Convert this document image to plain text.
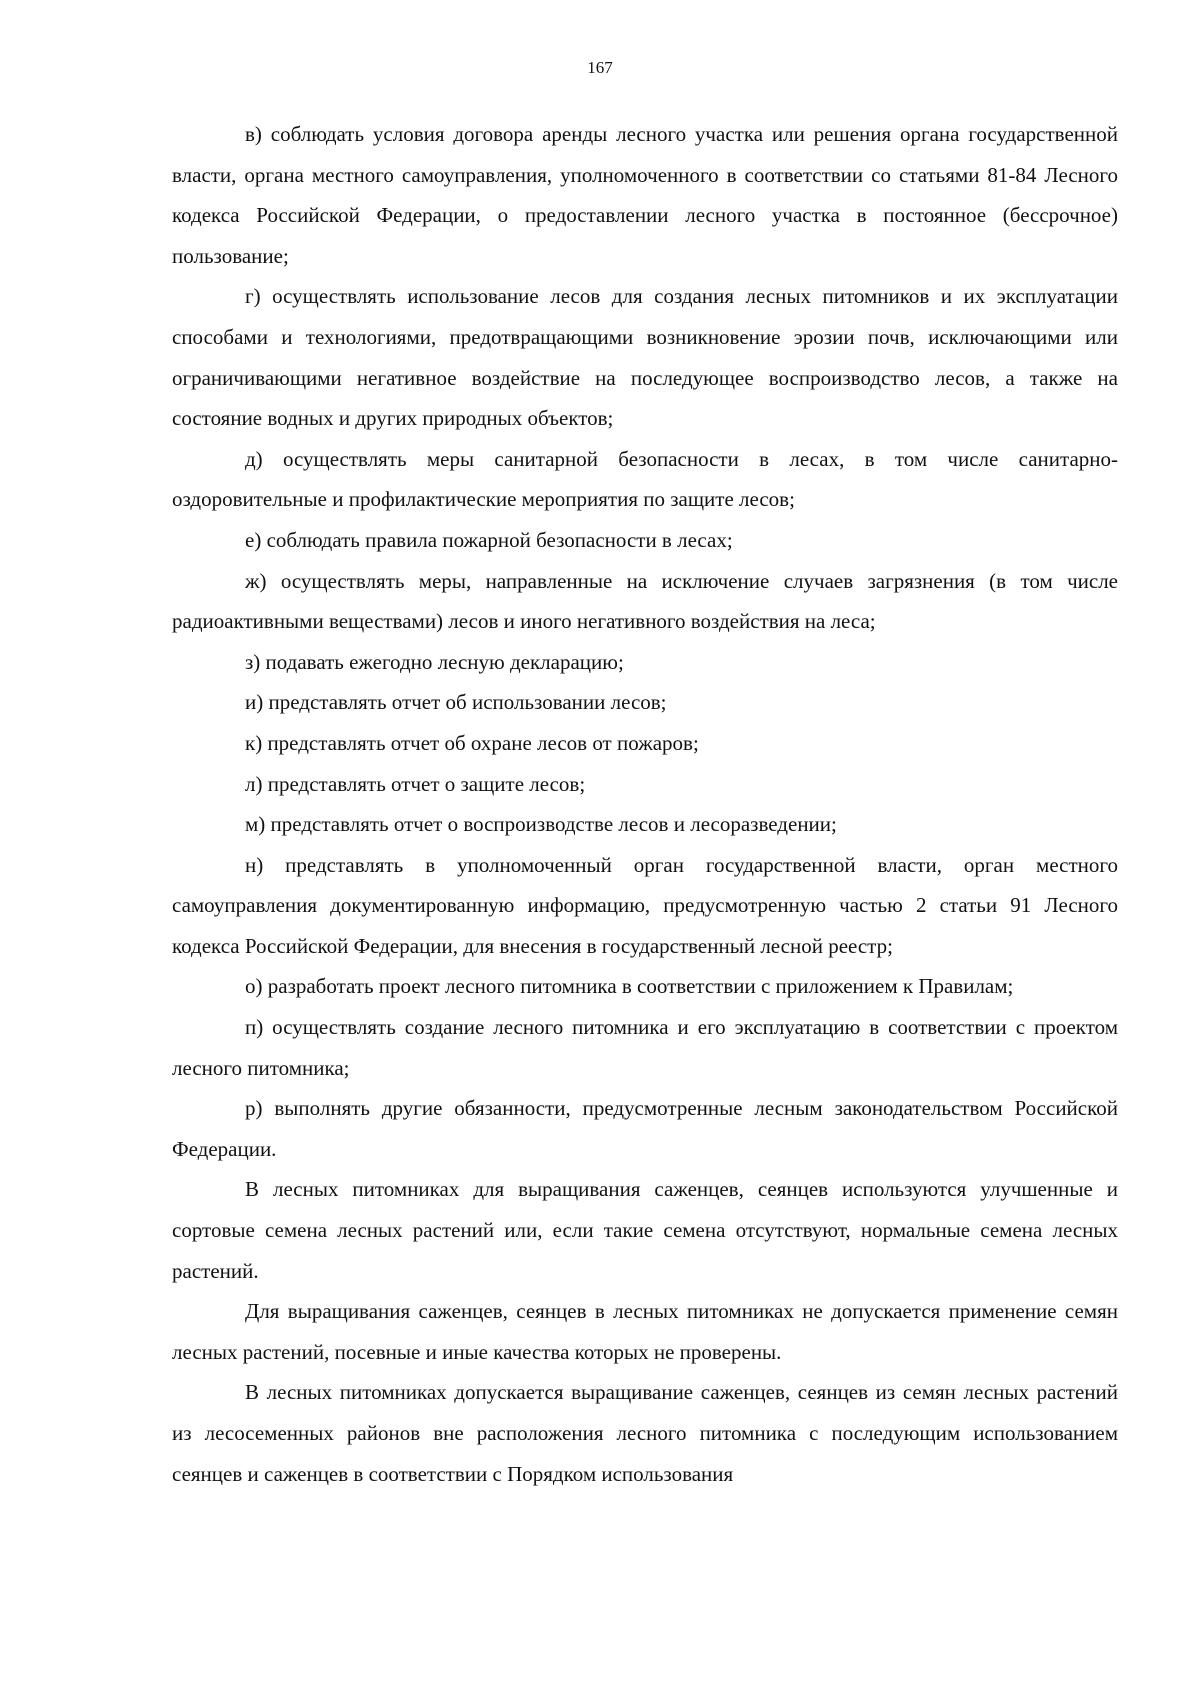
167

в) соблюдать условия договора аренды лесного участка или решения органа государственной власти, органа местного самоуправления, уполномоченного в соответствии со статьями 81-84 Лесного кодекса Российской Федерации, о предоставлении лесного участка в постоянное (бессрочное) пользование;

г) осуществлять использование лесов для создания лесных питомников и их эксплуатации способами и технологиями, предотвращающими возникновение эрозии почв, исключающими или ограничивающими негативное воздействие на последующее воспроизводство лесов, а также на состояние водных и других природных объектов;

д) осуществлять меры санитарной безопасности в лесах, в том числе санитарно-оздоровительные и профилактические мероприятия по защите лесов;

е) соблюдать правила пожарной безопасности в лесах;

ж) осуществлять меры, направленные на исключение случаев загрязнения (в том числе радиоактивными веществами) лесов и иного негативного воздействия на леса;

з) подавать ежегодно лесную декларацию;

и) представлять отчет об использовании лесов;

к) представлять отчет об охране лесов от пожаров;

л) представлять отчет о защите лесов;

м) представлять отчет о воспроизводстве лесов и лесоразведении;

н) представлять в уполномоченный орган государственной власти, орган местного самоуправления документированную информацию, предусмотренную частью 2 статьи 91 Лесного кодекса Российской Федерации, для внесения в государственный лесной реестр;

о) разработать проект лесного питомника в соответствии с приложением к Правилам;

п) осуществлять создание лесного питомника и его эксплуатацию в соответствии с проектом лесного питомника;

р) выполнять другие обязанности, предусмотренные лесным законодательством Российской Федерации.

В лесных питомниках для выращивания саженцев, сеянцев используются улучшенные и сортовые семена лесных растений или, если такие семена отсутствуют, нормальные семена лесных растений.

Для выращивания саженцев, сеянцев в лесных питомниках не допускается применение семян лесных растений, посевные и иные качества которых не проверены.

В лесных питомниках допускается выращивание саженцев, сеянцев из семян лесных растений из лесосеменных районов вне расположения лесного питомника с последующим использованием сеянцев и саженцев в соответствии с Порядком использования
